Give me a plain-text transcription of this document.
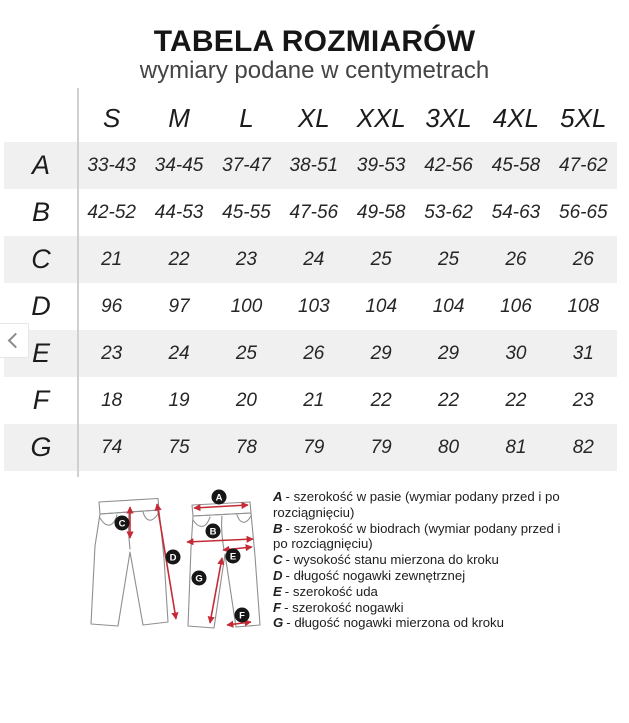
TABELA ROZMIARÓW
wymiary podane w centymetrach
S	M	L	XL	XXL 3XL 4XL 5XL
A	33-43 34-45 37-47 38-51 39-53 42-56 45-58 47-62
B	42-52 44-53 45-55 47-56 49-58 53-62 54-63 56-65
C	21	22	23	24	25	25	26	26
D	96	97	100	103	104	104	106	108
E	23	24	25	26	29	29	30	31
F	18	19	20	21	22	22	22	23
G	74	75	78	79	79	80	81	82
A
B
C
D	E
F
G
A - szerokość w pasie (wymiar podany przed i po rozciągnięciu)
B - szerokość w biodrach (wymiar podany przed i po rozciągnięciu)
C - wysokość stanu mierzona do kroku
D - długość nogawki zewnętrznej
E - szerokość uda
F - szerokość nogawki
G - długość nogawki mierzona od kroku
